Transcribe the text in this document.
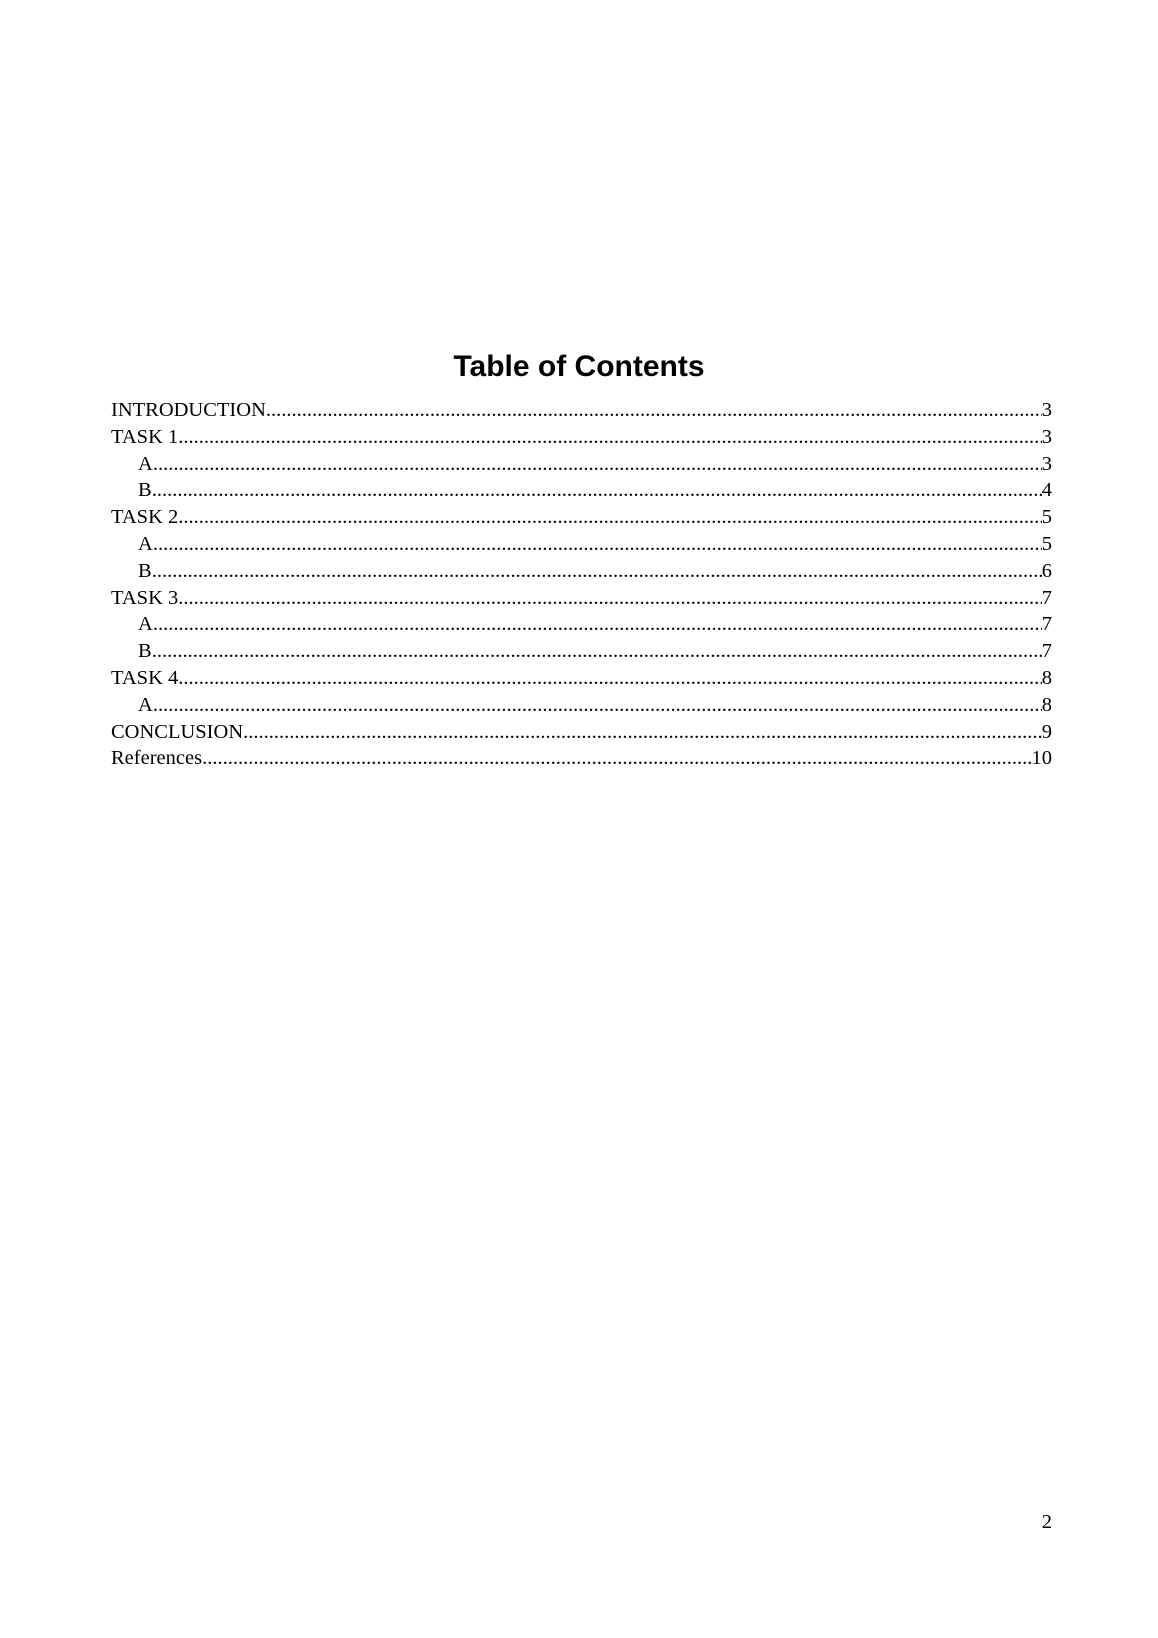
Table of Contents
INTRODUCTION .....	3
TASK 1 .....	3
A .....	3
B .....	4
TASK 2 .....	5
A .....	5
B .....	6
TASK 3 .....	7
A .....	7
B .....	7
TASK 4 .....	8
A .....	8
CONCLUSION .....	9
References .....	10
2
